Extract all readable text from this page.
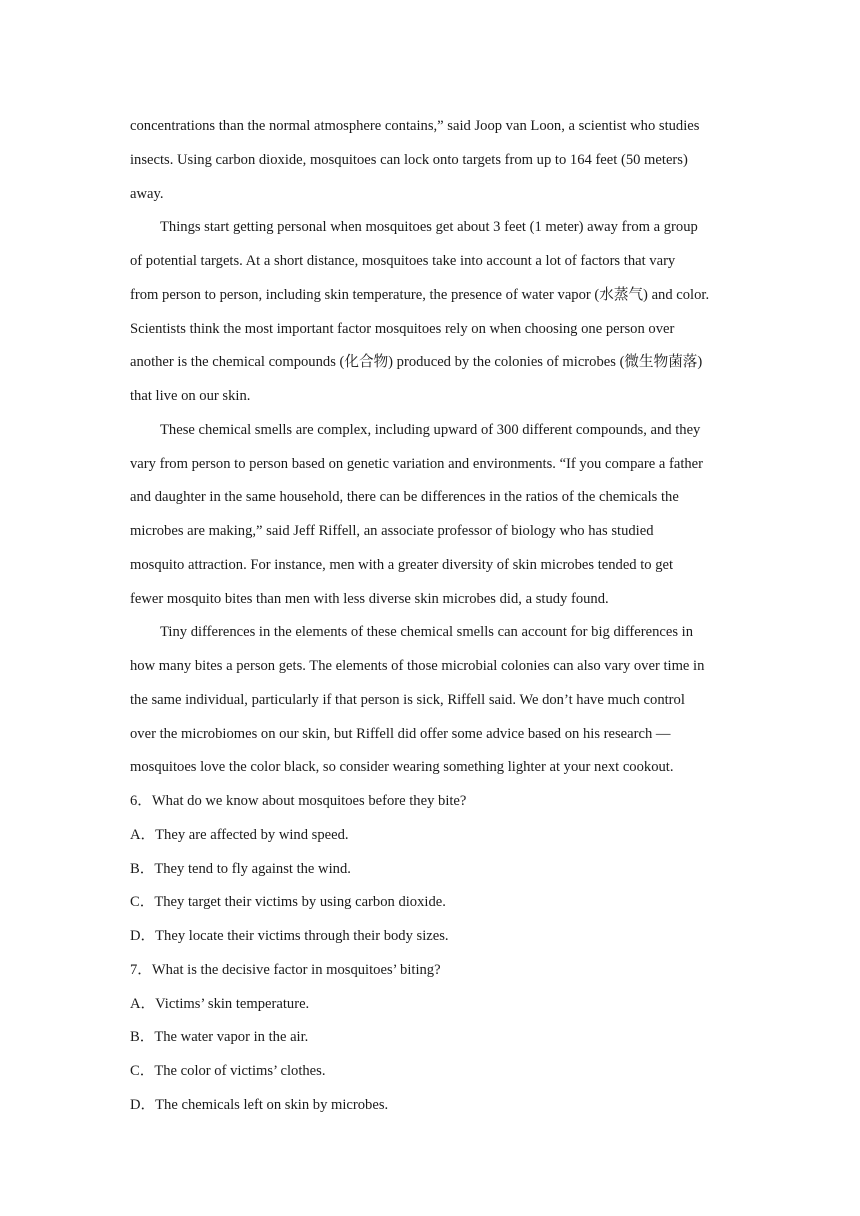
concentrations than the normal atmosphere contains,” said Joop van Loon, a scientist who studies
insects. Using carbon dioxide, mosquitoes can lock onto targets from up to 164 feet (50 meters)
away.
Things start getting personal when mosquitoes get about 3 feet (1 meter) away from a group
of potential targets. At a short distance, mosquitoes take into account a lot of factors that vary
from person to person, including skin temperature, the presence of water vapor (水蒸气) and color.
Scientists think the most important factor mosquitoes rely on when choosing one person over
another is the chemical compounds (化合物) produced by the colonies of microbes (微生物菌落)
that live on our skin.
These chemical smells are complex, including upward of 300 different compounds, and they
vary from person to person based on genetic variation and environments. “If you compare a father
and daughter in the same household, there can be differences in the ratios of the chemicals the
microbes are making,” said Jeff Riffell, an associate professor of biology who has studied
mosquito attraction. For instance, men with a greater diversity of skin microbes tended to get
fewer mosquito bites than men with less diverse skin microbes did, a study found.
Tiny differences in the elements of these chemical smells can account for big differences in
how many bites a person gets. The elements of those microbial colonies can also vary over time in
the same individual, particularly if that person is sick, Riffell said. We don’t have much control
over the microbiomes on our skin, but Riffell did offer some advice based on his research —
mosquitoes love the color black, so consider wearing something lighter at your next cookout.
6．What do we know about mosquitoes before they bite?
A．They are affected by wind speed.
B．They tend to fly against the wind.
C．They target their victims by using carbon dioxide.
D．They locate their victims through their body sizes.
7．What is the decisive factor in mosquitoes’ biting?
A．Victims’ skin temperature.
B．The water vapor in the air.
C．The color of victims’ clothes.
D．The chemicals left on skin by microbes.
